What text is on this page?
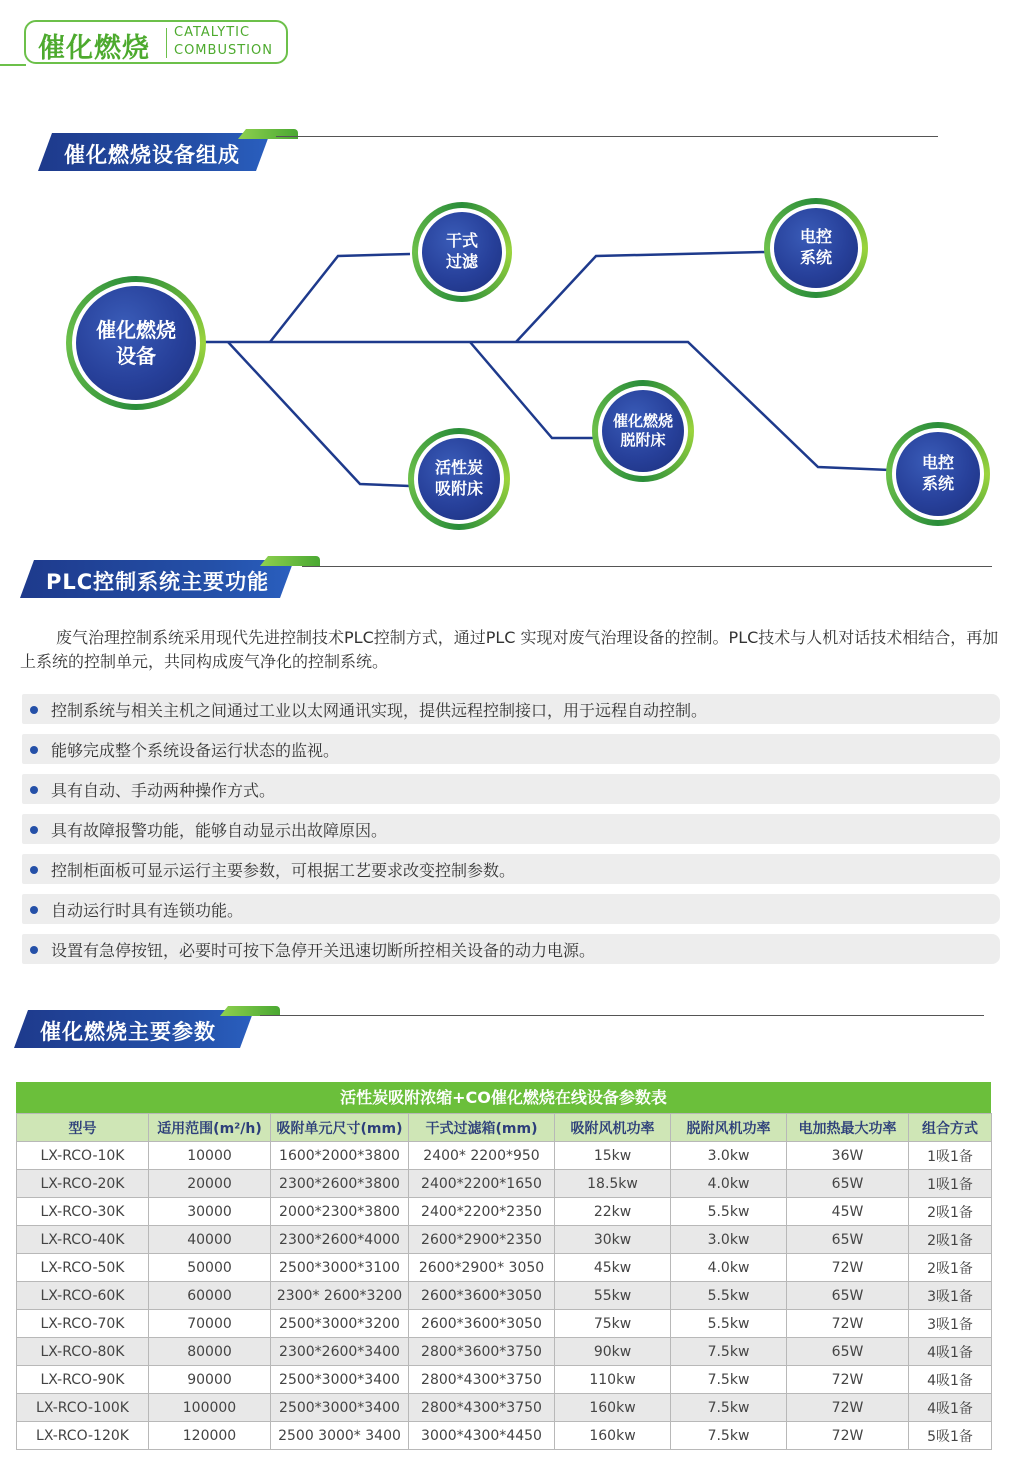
催化燃烧
CATALYTIC
COMBUSTION
催化燃烧设备组成
催化燃烧
设备
干式
过滤
活性炭
吸附床
催化燃烧
脱附床
电控
系统
电控
系统
PLC控制系统主要功能

废气治理控制系统采用现代先进控制技术PLC控制方式，通过PLC 实现对废气治理设备的控制。PLC技术与人机对话技术相结合，再加上系统的控制单元，共同构成废气净化的控制系统。

控制系统与相关主机之间通过工业以太网通讯实现，提供远程控制接口，用于远程自动控制。
能够完成整个系统设备运行状态的监视。
具有自动、手动两种操作方式。
具有故障报警功能，能够自动显示出故障原因。
控制柜面板可显示运行主要参数，可根据工艺要求改变控制参数。
自动运行时具有连锁功能。
设置有急停按钮，必要时可按下急停开关迅速切断所控相关设备的动力电源。
催化燃烧主要参数
活性炭吸附浓缩+CO催化燃烧在线设备参数表
型号	适用范围(m²/h)	吸附单元尺寸(mm)	干式过滤箱(mm)	吸附风机功率	脱附风机功率	电加热最大功率	组合方式
LX-RCO-10K	10000	1600*2000*3800	2400* 2200*950	15kw	3.0kw	36W	1吸1备
LX-RCO-20K	20000	2300*2600*3800	2400*2200*1650	18.5kw	4.0kw	65W	1吸1备
LX-RCO-30K	30000	2000*2300*3800	2400*2200*2350	22kw	5.5kw	45W	2吸1备
LX-RCO-40K	40000	2300*2600*4000	2600*2900*2350	30kw	3.0kw	65W	2吸1备
LX-RCO-50K	50000	2500*3000*3100	2600*2900* 3050	45kw	4.0kw	72W	2吸1备
LX-RCO-60K	60000	2300* 2600*3200	2600*3600*3050	55kw	5.5kw	65W	3吸1备
LX-RCO-70K	70000	2500*3000*3200	2600*3600*3050	75kw	5.5kw	72W	3吸1备
LX-RCO-80K	80000	2300*2600*3400	2800*3600*3750	90kw	7.5kw	65W	4吸1备
LX-RCO-90K	90000	2500*3000*3400	2800*4300*3750	110kw	7.5kw	72W	4吸1备
LX-RCO-100K	100000	2500*3000*3400	2800*4300*3750	160kw	7.5kw	72W	4吸1备
LX-RCO-120K	120000	2500 3000* 3400	3000*4300*4450	160kw	7.5kw	72W	5吸1备
